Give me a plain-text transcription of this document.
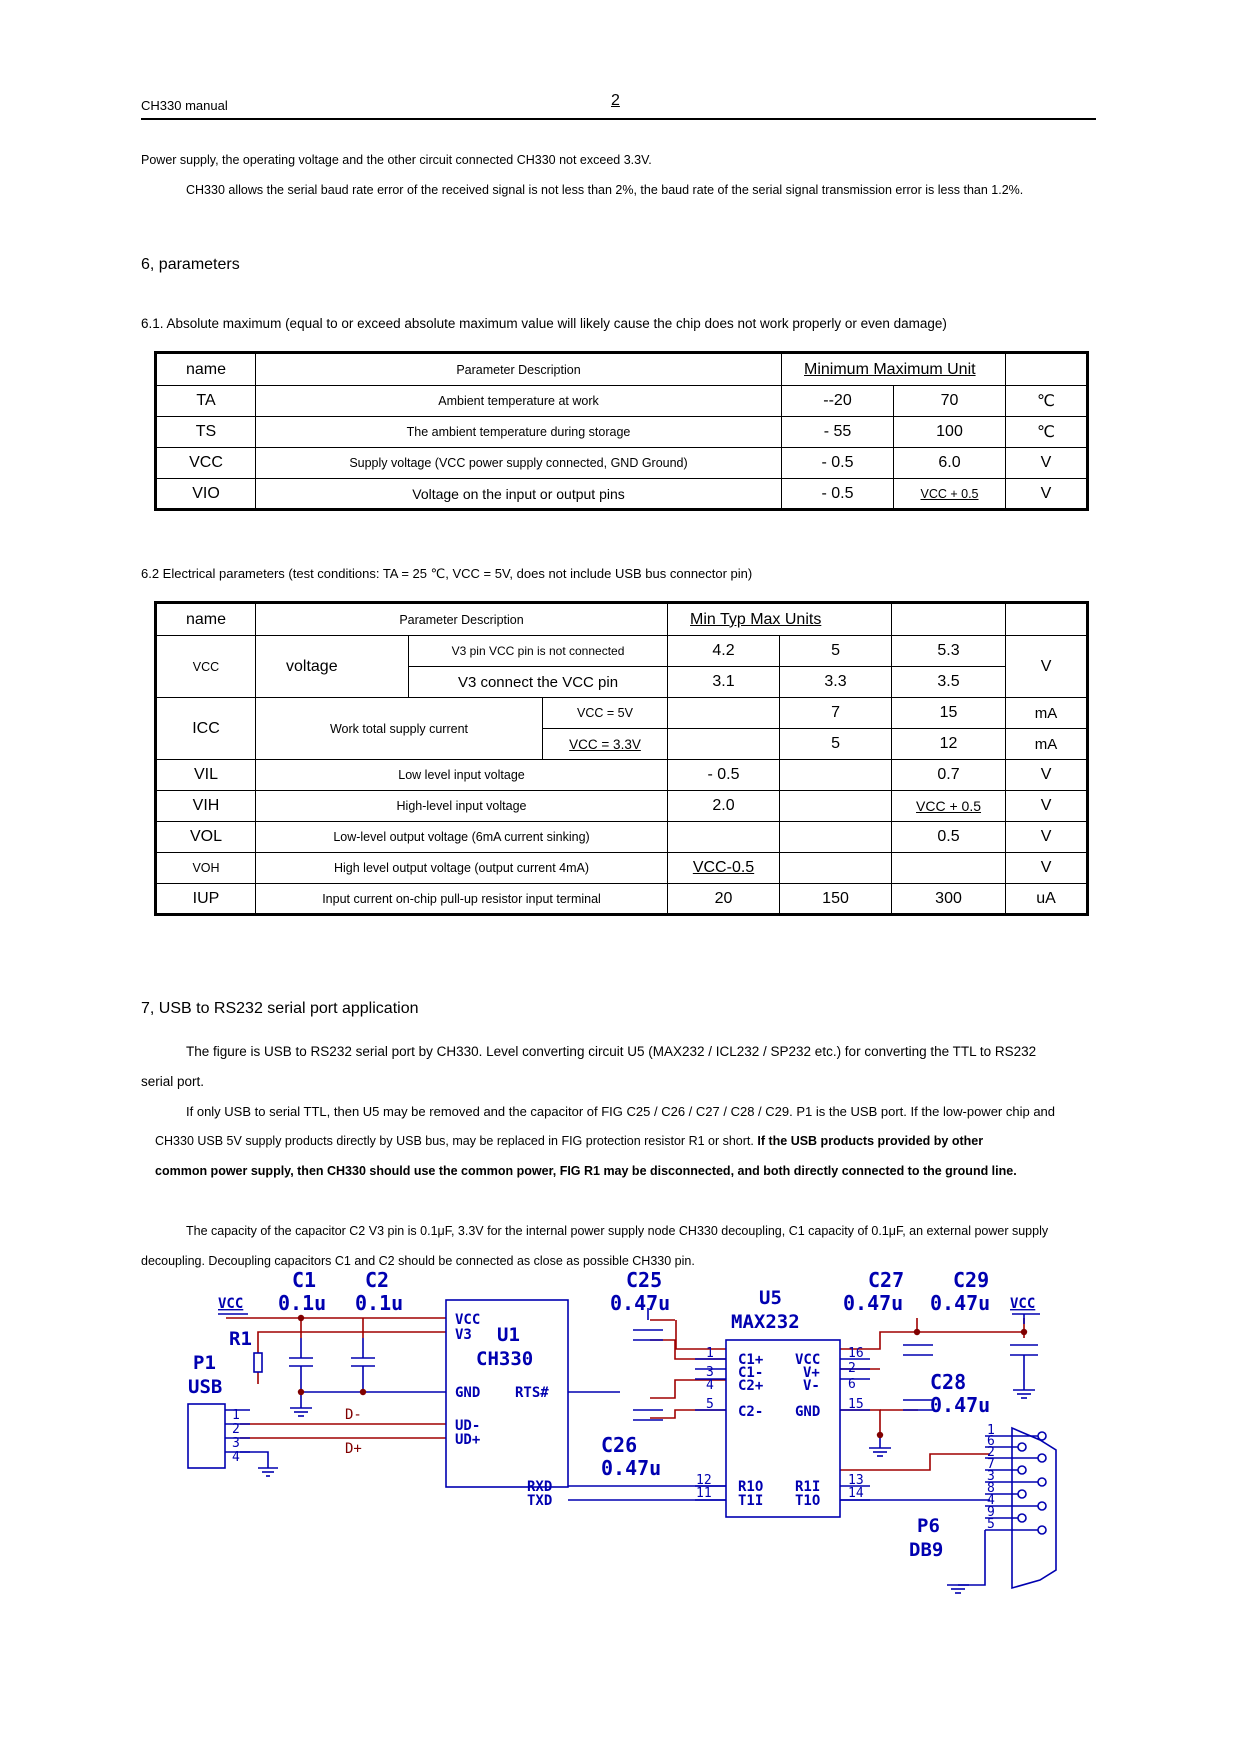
CH330 manual	2
Power supply, the operating voltage and the other circuit connected CH330 not exceed 3.3V.
CH330 allows the serial baud rate error of the received signal is not less than 2%, the baud rate of the serial signal transmission error is less than 1.2%.
6, parameters
6.1. Absolute maximum (equal to or exceed absolute maximum value will likely cause the chip does not work properly or even damage)
name	Parameter Description	Minimum Maximum Unit		
TA	Ambient temperature at work	--20	70	℃
TS	The ambient temperature during storage	- 55	100	℃
VCC	Supply voltage (VCC power supply connected, GND Ground)	- 0.5	6.0	V
VIO	Voltage on the input or output pins	- 0.5	VCC + 0.5	V
6.2 Electrical parameters (test conditions: TA = 25 ℃, VCC = 5V, does not include USB bus connector pin)
name	Parameter Description			Min Typ Max Units			
VCC	voltage	V3 pin VCC pin is not connected		4.2	5	5.3	V
		V3 connect the VCC pin		3.1	3.3	3.5	
ICC	Work total supply current		VCC = 5V		7	15	mA
			VCC = 3.3V		5	12	mA
VIL	Low level input voltage			- 0.5		0.7	V
VIH	High-level input voltage			2.0		VCC + 0.5	V
VOL	Low-level output voltage (6mA current sinking)					0.5	V
VOH	High level output voltage (output current 4mA)			VCC-0.5			V
IUP	Input current on-chip pull-up resistor input terminal			20	150	300	uA
7, USB to RS232 serial port application
The figure is USB to RS232 serial port by CH330. Level converting circuit U5 (MAX232 / ICL232 / SP232 etc.) for converting the TTL to RS232
serial port.
If only USB to serial TTL, then U5 may be removed and the capacitor of FIG C25 / C26 / C27 / C28 / C29. P1 is the USB port. If the low-power chip and
CH330 USB 5V supply products directly by USB bus, may be replaced in FIG protection resistor R1 or short. If the USB products provided by other
common power supply, then CH330 should use the common power, FIG R1 may be disconnected, and both directly connected to the ground line.
The capacity of the capacitor C2 V3 pin is 0.1μF, 3.3V for the internal power supply node CH330 decoupling, C1 capacity of 0.1μF, an external power supply
decoupling. Decoupling capacitors C1 and C2 should be connected as close as possible CH330 pin.
VCC
C1
0.1u
C2
0.1u
R1
P1
USB
VCC
V3 U1
CH330
GND RTS#
UD-
UD+
RXD
TXD
C25
0.47u
C26
0.47u
U5
MAX232
C1+
C1-
C2+
C2-
VCC
V+
V-
GND
R1O
T1I
R1I
T1O
C27
0.47u
C29
0.47u VCC
C28
0.47u
P6
DB9
D-
D+
1
2
3
4
1
3
4
5
12
11
16
2
6
15
13
14
1
6
2
7
3
8
4
9
5
